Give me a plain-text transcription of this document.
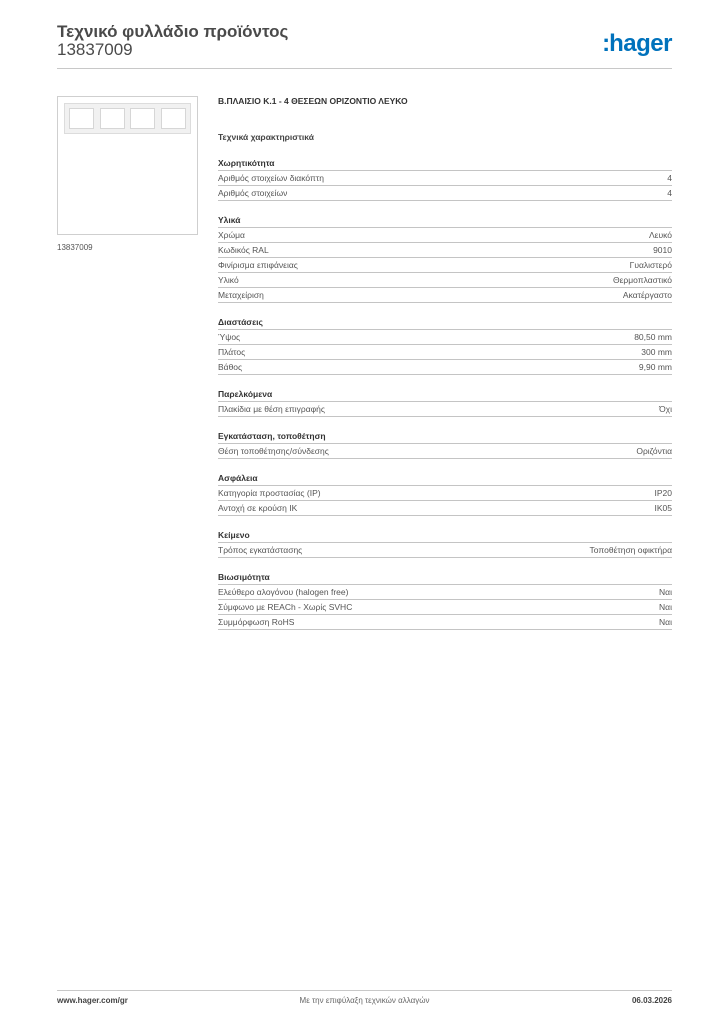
Τεχνικό φυλλάδιο προϊόντος
13837009	:hager
13837009
Β.ΠΛΑΙΣΙΟ Κ.1 - 4 ΘΕΣΕΩΝ ΟΡΙΖΟΝΤΙΟ ΛΕΥΚΟ
Τεχνικά χαρακτηριστικά
Χωρητικότητα
Αριθμός στοιχείων διακόπτη	4
Αριθμός στοιχείων	4
Υλικά
Χρώμα	Λευκό
Κωδικός RAL	9010
Φινίρισμα επιφάνειας	Γυαλιστερό
Υλικό	Θερμοπλαστικό
Μεταχείριση	Ακατέργαστο
Διαστάσεις
Ύψος	80,50 mm
Πλάτος	300 mm
Βάθος	9,90 mm
Παρελκόμενα
Πλακίδια με θέση επιγραφής	Όχι
Εγκατάσταση, τοποθέτηση
Θέση τοποθέτησης/σύνδεσης	Οριζόντια
Ασφάλεια
Κατηγορία προστασίας (IP)	IP20
Αντοχή σε κρούση IK	IK05
Κείμενο
Τρόπος εγκατάστασης	Τοποθέτηση οφικτήρα
Βιωσιμότητα
Ελεύθερο αλογόνου (halogen free)	Ναι
Σύμφωνο με REACh - Χωρίς SVHC	Ναι
Συμμόρφωση RoHS	Ναι
www.hager.com/gr	Με την επιφύλαξη τεχνικών αλλαγών	06.03.2026
